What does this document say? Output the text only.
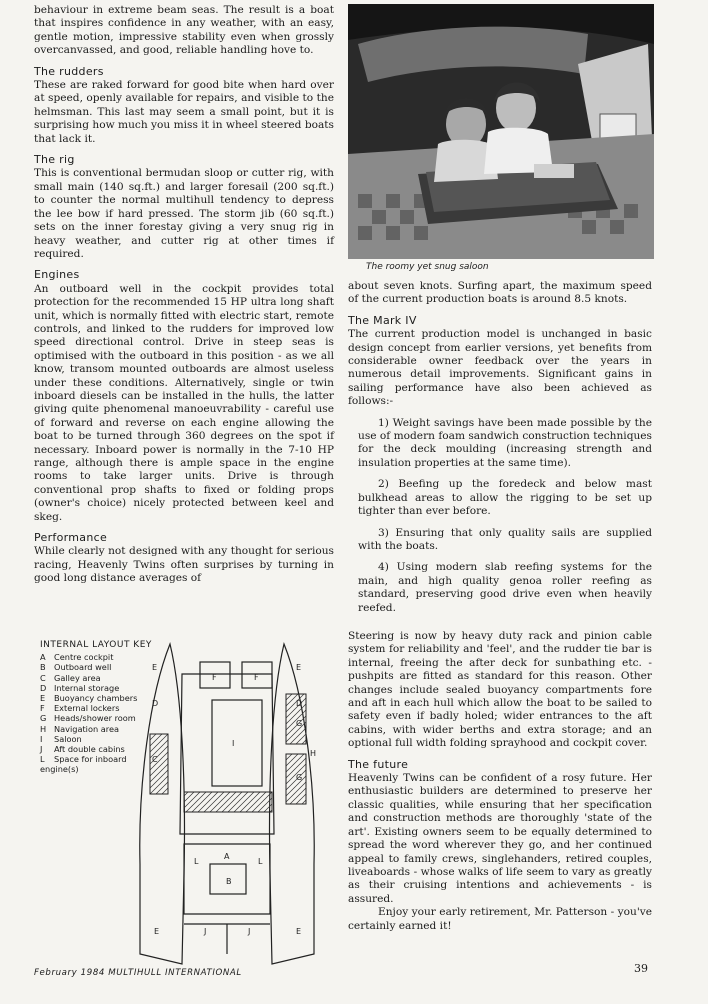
behaviour in extreme beam seas. The result is a boat that inspires confidence in any weather, with an easy, gentle motion, impressive stability even when grossly overcanvassed, and good, reliable handling hove to.

The rudders

These are raked forward for good bite when hard over at speed, openly available for repairs, and visible to the helmsman. This last may seem a small point, but it is surprising how much you miss it in wheel steered boats that lack it.

The rig

This is conventional bermudan sloop or cutter rig, with small main (140 sq.ft.) and larger foresail (200 sq.ft.) to counter the normal multihull tendency to depress the lee bow if hard pressed. The storm jib (60 sq.ft.) sets on the inner forestay giving a very snug rig in heavy weather, and cutter rig at other times if required.

Engines

An outboard well in the cockpit provides total protection for the recommended 15 HP ultra long shaft unit, which is normally fitted with electric start, remote controls, and linked to the rudders for improved low speed directional control. Drive in steep seas is optimised with the outboard in this position - as we all know, transom mounted outboards are almost useless under these conditions. Alternatively, single or twin inboard diesels can be installed in the hulls, the latter giving quite phenomenal manoeuvrability - careful use of forward and reverse on each engine allowing the boat to be turned through 360 degrees on the spot if necessary. Inboard power is normally in the 7-10 HP range, although there is ample space in the engine rooms to take larger units. Drive is through conventional prop shafts to fixed or folding props (owner's choice) nicely protected between keel and skeg.

Performance

While clearly not designed with any thought for serious racing, Heavenly Twins often surprises by turning in good long distance averages of

The roomy yet snug saloon

about seven knots. Surfing apart, the maximum speed of the current production boats is around 8.5 knots.

The Mark IV

The current production model is unchanged in basic design concept from earlier versions, yet benefits from considerable owner feedback over the years in numerous detail improvements. Significant gains in sailing performance have also been achieved as follows:-

1) Weight savings have been made possible by the use of modern foam sandwich construction techniques for the deck moulding (increasing strength and insulation properties at the same time).

2) Beefing up the foredeck and below mast bulkhead areas to allow the rigging to be set up tighter than ever before.

3) Ensuring that only quality sails are supplied with the boats.

4) Using modern slab reefing systems for the main, and high quality genoa roller reefing as standard, preserving good drive even when heavily reefed.

Steering is now by heavy duty rack and pinion cable system for reliability and 'feel', and the rudder tie bar is internal, freeing the after deck for sunbathing etc. - pushpits are fitted as standard for this reason. Other changes include sealed buoyancy compartments fore and aft in each hull which allow the boat to be sailed to safety even if badly holed; wider entrances to the aft cabins, with wider berths and extra storage; and an optional full width folding sprayhood and cockpit cover.

The future

Heavenly Twins can be confident of a rosy future. Her enthusiastic builders are determined to preserve her classic qualities, while ensuring that her specification and construction methods are thoroughly 'state of the art'. Existing owners seem to be equally determined to spread the word wherever they go, and her continued appeal to family crews, singlehanders, retired couples, liveaboards - whose walks of life seem to vary as greatly as their cruising intentions and achievements - is assured.

Enjoy your early retirement, Mr. Patterson - you've certainly earned it!

E	E
D	D
F	F
I
A
B
L	L
J	J
E	E
C
G
G
H
INTERNAL LAYOUT KEY
A Centre cockpit
B Outboard well
C Galley area
D Internal storage
E Buoyancy chambers
F External lockers
G Heads/shower room
H Navigation area
I Saloon
J Aft double cabins
L Space for inboard engine(s)
February 1984 MULTIHULL INTERNATIONAL	39
